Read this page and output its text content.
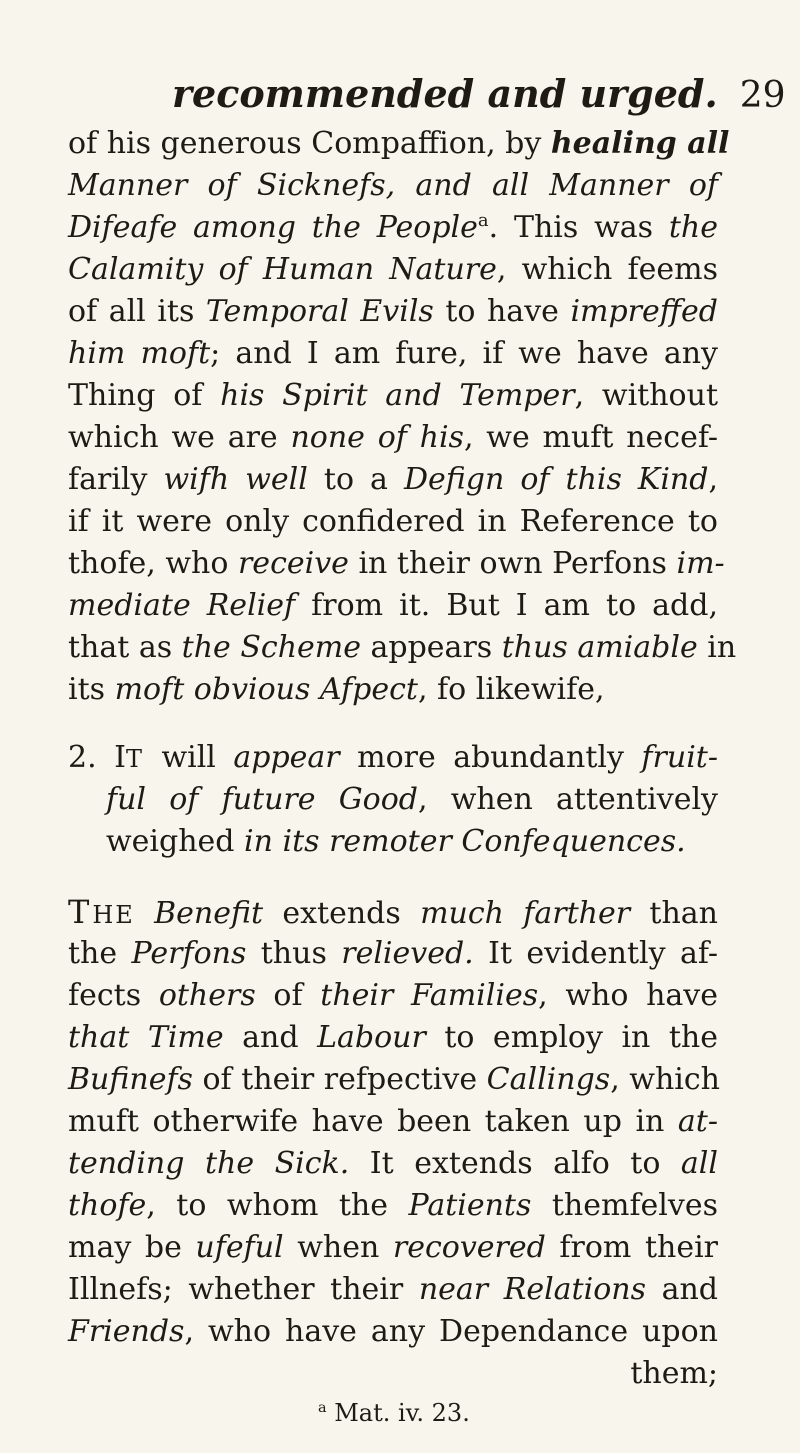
recommended and urged. 29
of his generous Compaffion, by healing all
Manner of Sicknefs, and all Manner of
Difeafe among the People$^a$. This was the
Calamity of Human Nature, which feems
of all its Temporal Evils to have impreffed
him moft; and I am fure, if we have any
Thing of his Spirit and Temper, without
which we are none of his, we muft necef-
farily wifh well to a Defign of this Kind,
if it were only confidered in Reference to
thofe, who receive in their own Perfons im-
mediate Relief from it. But I am to add,
that as the Scheme appears thus amiable in
its moft obvious Afpect, fo likewife,
2. IT will appear more abundantly fruit-
ful of future Good, when attentively
weighed in its remoter Confequences.
THE Benefit extends much farther than
the Perfons thus relieved. It evidently af-
fects others of their Families, who have
that Time and Labour to employ in the
Bufinefs of their refpective Callings, which
muft otherwife have been taken up in at-
tending the Sick. It extends alfo to all
thofe, to whom the Patients themfelves
may be ufeful when recovered from their
Illnefs; whether their near Relations and
Friends, who have any Dependance upon
them;
$^a$ Mat. iv. 23.
